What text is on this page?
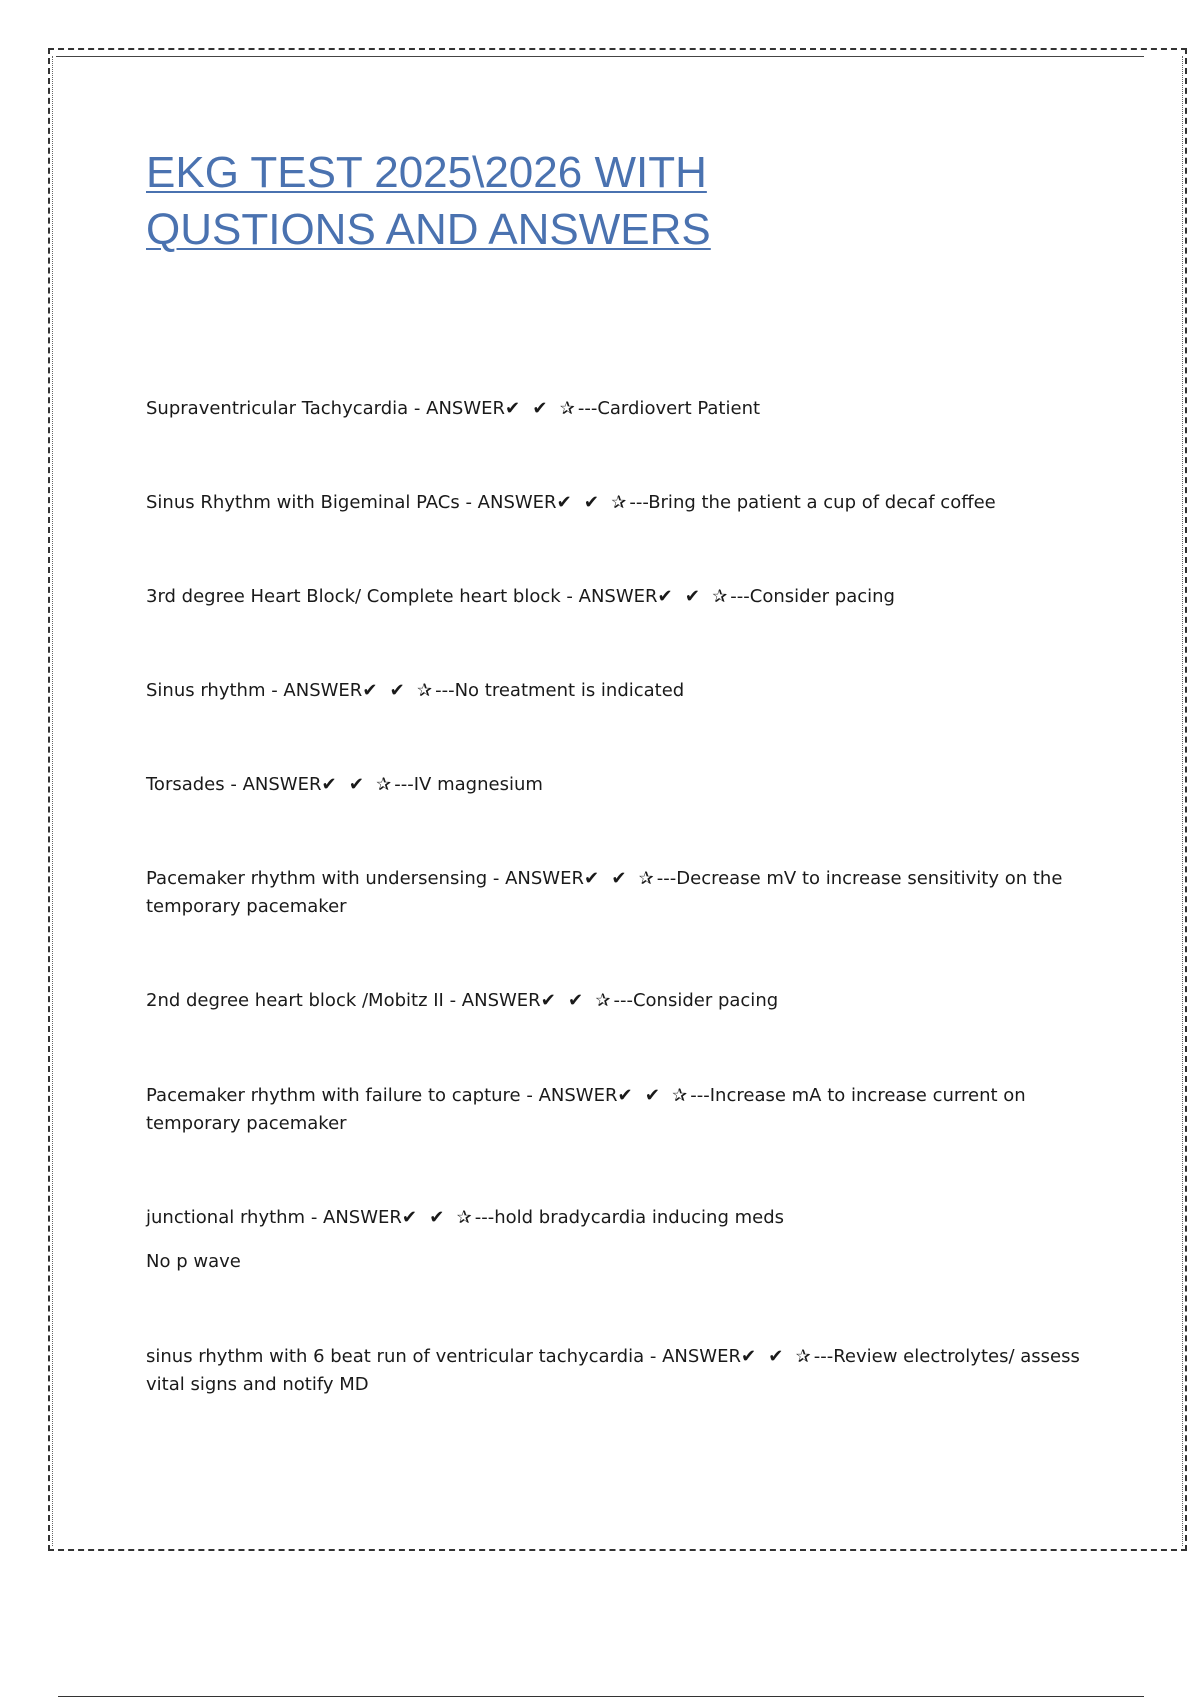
EKG TEST 2025\2026 WITH
QUSTIONS AND ANSWERS
Supraventricular Tachycardia - ANSWER✔ ✔ ✰---Cardiovert Patient
Sinus Rhythm with Bigeminal PACs - ANSWER✔ ✔ ✰---Bring the patient a cup of decaf coffee
3rd degree Heart Block/ Complete heart block - ANSWER✔ ✔ ✰---Consider pacing
Sinus rhythm - ANSWER✔ ✔ ✰---No treatment is indicated
Torsades - ANSWER✔ ✔ ✰---IV magnesium
Pacemaker rhythm with undersensing - ANSWER✔ ✔ ✰---Decrease mV to increase sensitivity on the temporary pacemaker
2nd degree heart block /Mobitz II - ANSWER✔ ✔ ✰---Consider pacing
Pacemaker rhythm with failure to capture - ANSWER✔ ✔ ✰---Increase mA to increase current on temporary pacemaker
junctional rhythm - ANSWER✔ ✔ ✰---hold bradycardia inducing meds
No p wave
sinus rhythm with 6 beat run of ventricular tachycardia - ANSWER✔ ✔ ✰---Review electrolytes/ assess vital signs and notify MD
